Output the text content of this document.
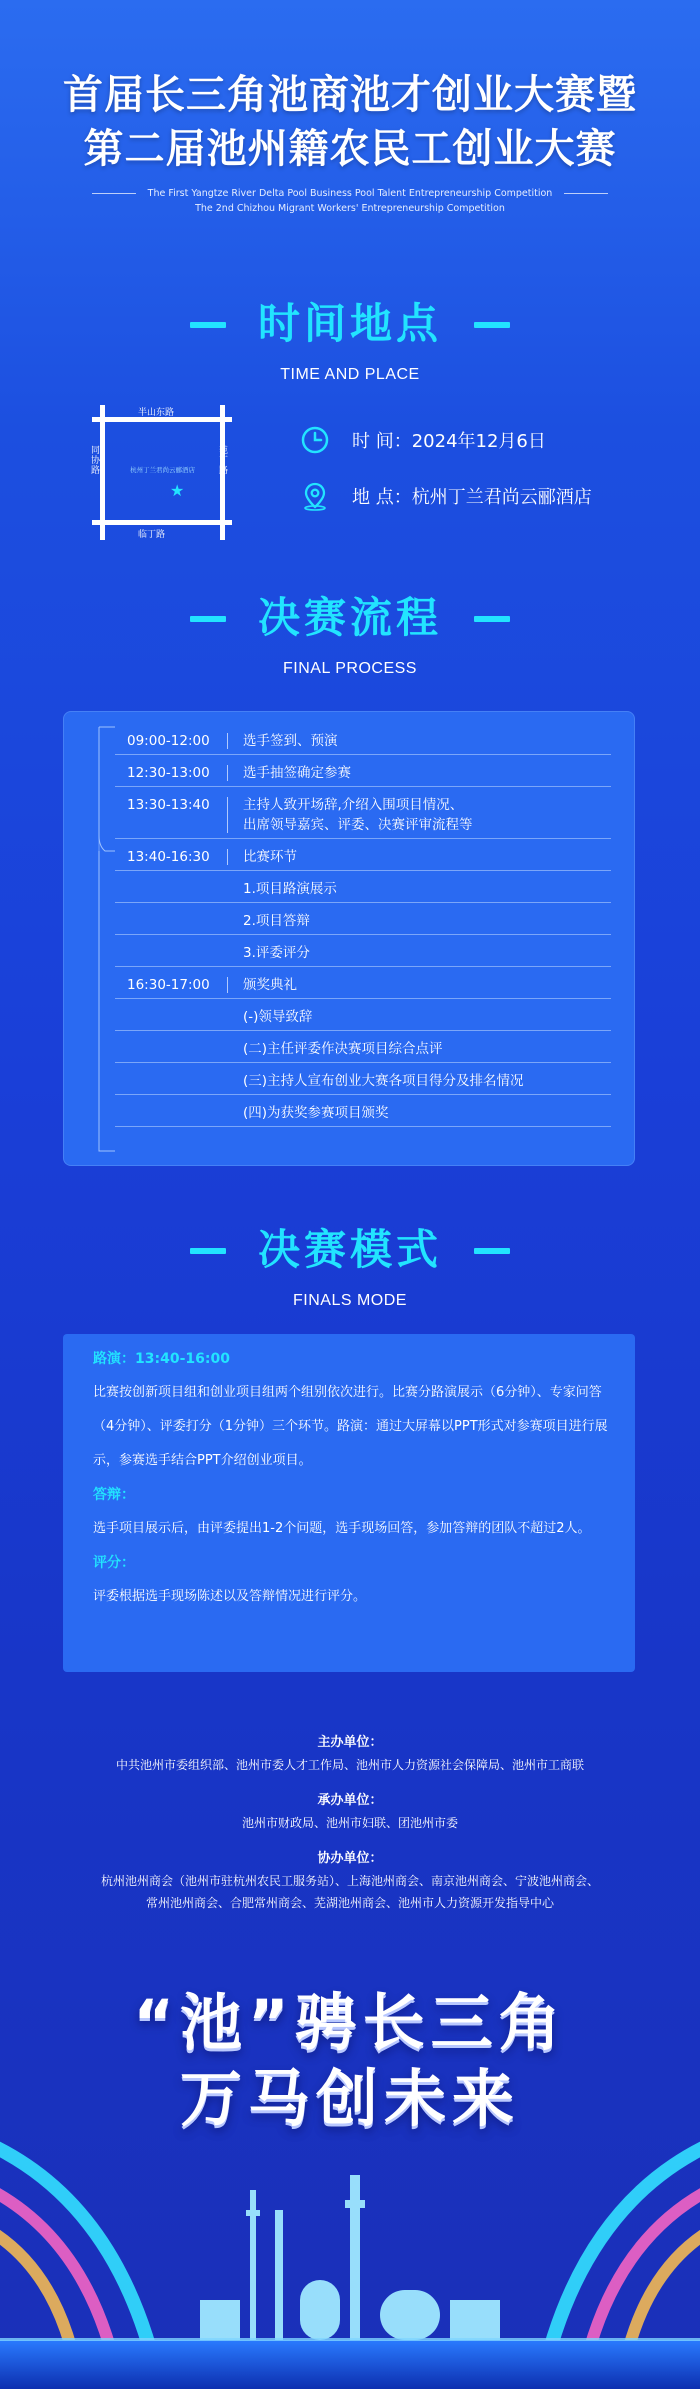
首届长三角池商池才创业大赛暨
第二届池州籍农民工创业大赛
The First Yangtze River Delta Pool Business Pool Talent Entrepreneurship Competition
The 2nd Chizhou Migrant Workers' Entrepreneurship Competition
时间地点
TIME AND PLACE
半山东路
临丁路
同协路	范丁路
杭州丁兰君尚云郦酒店
★
时 间：2024年12月6日
地 点：杭州丁兰君尚云郦酒店
决赛流程
FINAL PROCESS
09:00-12:00	选手签到、预演
12:30-13:00	选手抽签确定参赛
13:30-13:40	主持人致开场辞,介绍入围项目情况、
出席领导嘉宾、评委、决赛评审流程等
13:40-16:30	比赛环节
1.项目路演展示
2.项目答辩
3.评委评分
16:30-17:00	颁奖典礼
(-)领导致辞
(二)主任评委作决赛项目综合点评
(三)主持人宣布创业大赛各项目得分及排名情况
(四)为获奖参赛项目颁奖
决赛模式
FINALS MODE
路演：13:40-16:00
比赛按创新项目组和创业项目组两个组别依次进行。比赛分路演展示（6分钟）、专家问答（4分钟）、评委打分（1分钟）三个环节。路演：通过大屏幕以PPT形式对参赛项目进行展示，参赛选手结合PPT介绍创业项目。
答辩：
选手项目展示后，由评委提出1-2个问题，选手现场回答，参加答辩的团队不超过2人。
评分：
评委根据选手现场陈述以及答辩情况进行评分。
主办单位：
中共池州市委组织部、池州市委人才工作局、池州市人力资源社会保障局、池州市工商联
承办单位：
池州市财政局、池州市妇联、团池州市委
协办单位：
杭州池州商会（池州市驻杭州农民工服务站）、上海池州商会、南京池州商会、宁波池州商会、
常州池州商会、合肥常州商会、芜湖池州商会、池州市人力资源开发指导中心
“池”骋长三角
万马创未来
